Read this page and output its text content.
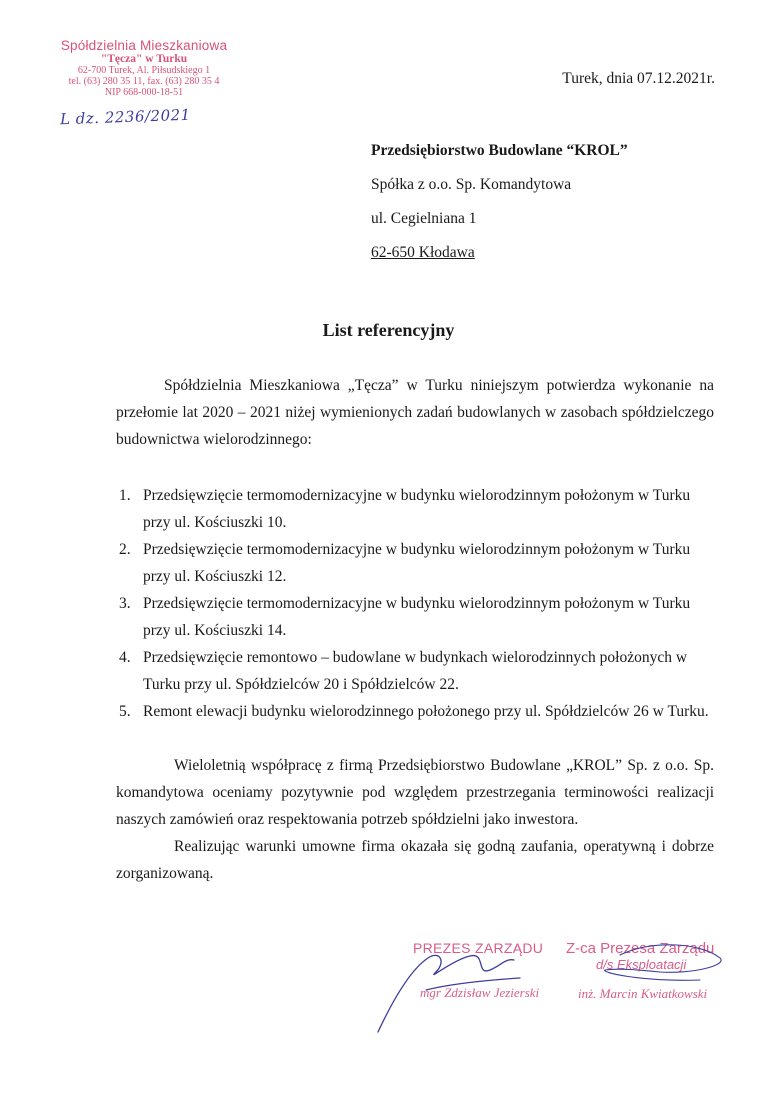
Spółdzielnia Mieszkaniowa
"Tęcza" w Turku
62-700 Turek, Al. Piłsudskiego 1
tel. (63) 280 35 11, fax. (63) 280 35 4
NIP 668-000-18-51
L dz. 2236/2021
Turek, dnia 07.12.2021r.
Przedsiębiorstwo Budowlane “KROL”
Spółka z o.o. Sp. Komandytowa
ul. Cegielniana 1
62-650 Kłodawa
List referencyjny
Spółdzielnia Mieszkaniowa „Tęcza” w Turku niniejszym potwierdza wykonanie na przełomie lat 2020 – 2021 niżej wymienionych zadań budowlanych w zasobach spółdzielczego budownictwa wielorodzinnego:
1. Przedsięwzięcie termomodernizacyjne w budynku wielorodzinnym położonym w Turku przy ul. Kościuszki 10.
2. Przedsięwzięcie termomodernizacyjne w budynku wielorodzinnym położonym w Turku przy ul. Kościuszki 12.
3. Przedsięwzięcie termomodernizacyjne w budynku wielorodzinnym położonym w Turku przy ul. Kościuszki 14.
4. Przedsięwzięcie remontowo – budowlane w budynkach wielorodzinnych położonych w Turku przy ul. Spółdzielców 20 i Spółdzielców 22.
5. Remont elewacji budynku wielorodzinnego położonego przy ul. Spółdzielców 26 w Turku.
Wieloletnią współpracę z firmą Przedsiębiorstwo Budowlane „KROL” Sp. z o.o. Sp. komandytowa oceniamy pozytywnie pod względem przestrzegania terminowości realizacji naszych zamówień oraz respektowania potrzeb spółdzielni jako inwestora.
Realizując warunki umowne firma okazała się godną zaufania, operatywną i dobrze zorganizowaną.
PREZES ZARZĄDU
mgr Zdzisław Jezierski
Z-ca Prezesa Zarządu
d/s Eksploatacji
inż. Marcin Kwiatkowski
